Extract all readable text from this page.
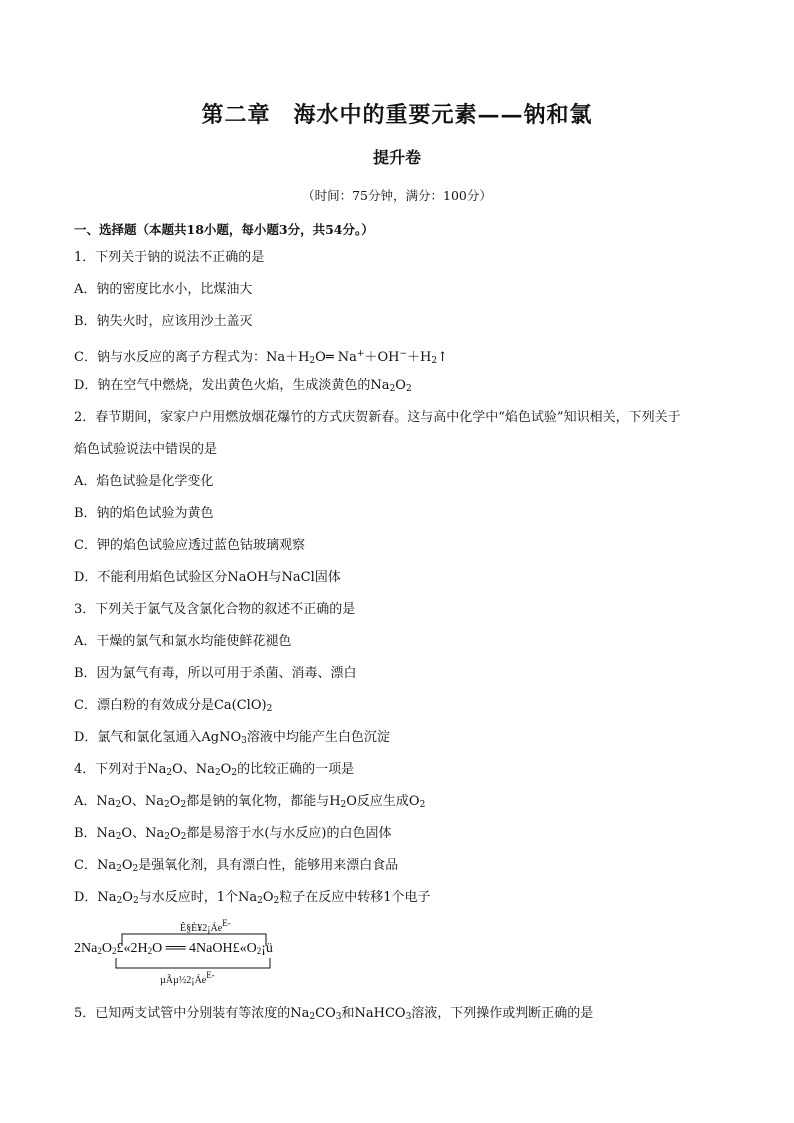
第二章　海水中的重要元素——钠和氯
提升卷
（时间：75分钟，满分：100分）
一、选择题（本题共18小题，每小题3分，共54分。）
1．下列关于钠的说法不正确的是
A．钠的密度比水小，比煤油大
B．钠失火时，应该用沙土盖灭
C．钠与水反应的离子方程式为：$Na+H_2O═$ $Na^++OH^-+H_2↑$
D．钠在空气中燃烧，发出黄色火焰，生成淡黄色的$Na_2O_2$
2．春节期间，家家户户用燃放烟花爆竹的方式庆贺新春。这与高中化学中“焰色试验”知识相关，下列关于
焰色试验说法中错误的是
A．焰色试验是化学变化
B．钠的焰色试验为黄色
C．钾的焰色试验应透过蓝色钴玻璃观察
D．不能利用焰色试验区分NaOH与NaCl固体
3．下列关于氯气及含氯化合物的叙述不正确的是
A．干燥的氯气和氯水均能使鲜花褪色
B．因为氯气有毒，所以可用于杀菌、消毒、漂白
C．漂白粉的有效成分是$Ca(ClO)_2$
D．氯气和氯化氢通入AgNO$_3$溶液中均能产生白色沉淀
4．下列对于$Na_2O$、$Na_2O_2$的比较正确的一项是
A．$Na_2O$、$Na_2O_2$都是钠的氧化物，都能与$H_2O$反应生成$O_2$
B．$Na_2O$、$Na_2O_2$都是易溶于水(与水反应)的白色固体
C．$Na_2O_2$是强氧化剂，具有漂白性，能够用来漂白食品
D．$Na_2O_2$与水反应时，1个$Na_2O_2$粒子在反应中转移1个电子
$Ê\S È¥2¡Áe^{E-}$
$2Na_2O_2£«2H_2O$ ══ $4NaOH£«O_2¡ü$
$\mu Ã\mu\frac{1}{2}2¡Áe^{E-}$
5．已知两支试管中分别装有等浓度的$Na_2CO_3$和NaHCO$_3$溶液，下列操作或判断正确的是
